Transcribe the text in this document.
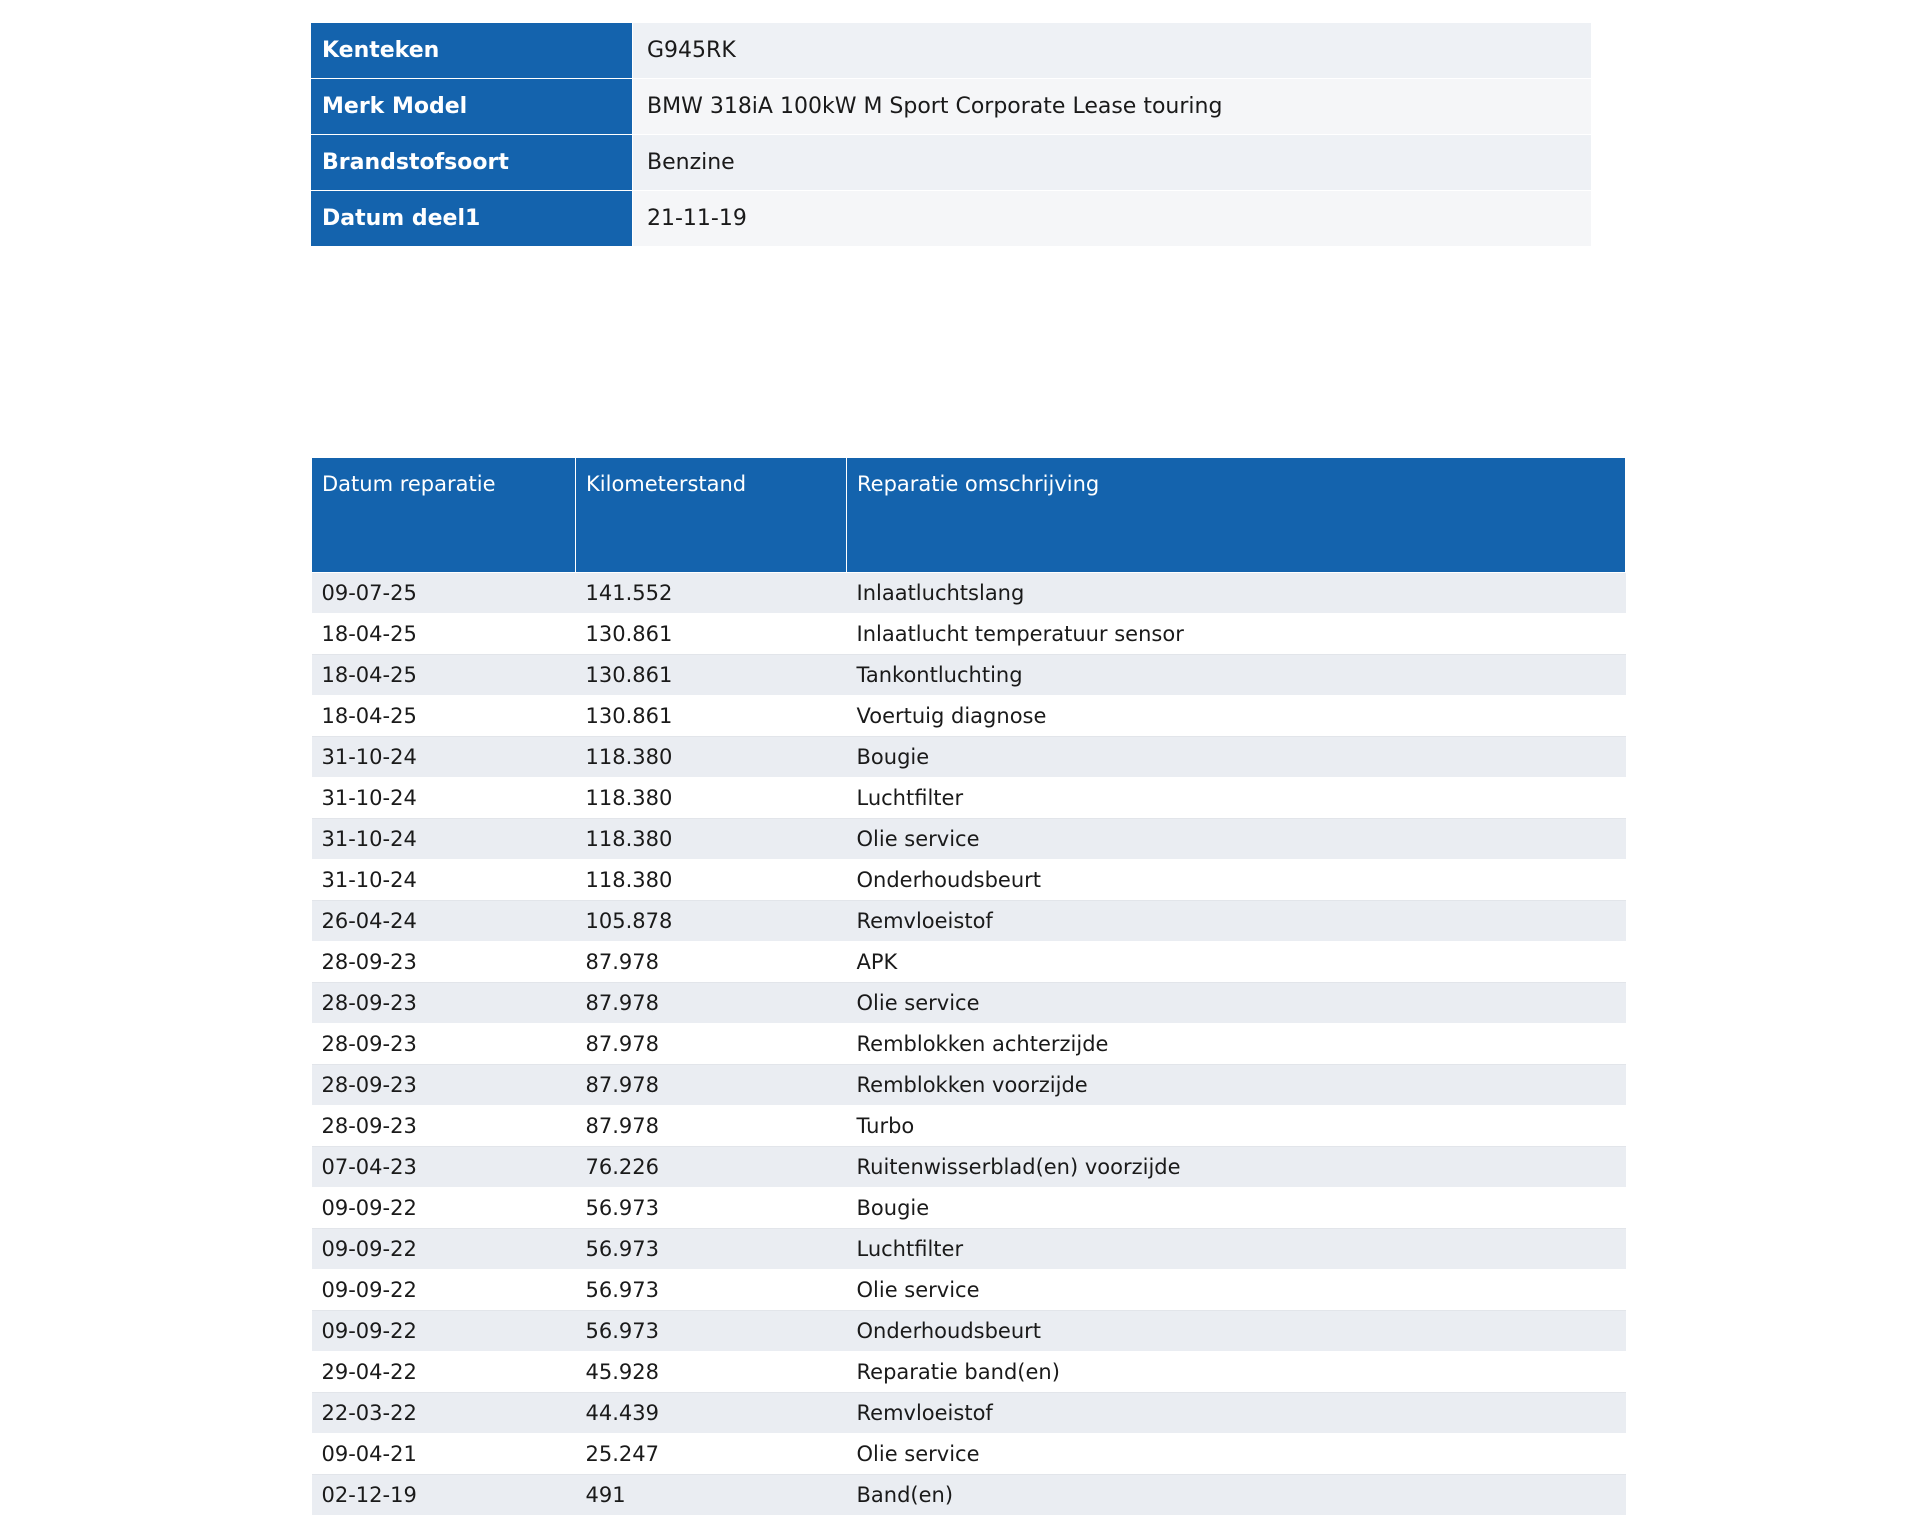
Kenteken	G945RK
Merk Model	BMW 318iA 100kW M Sport Corporate Lease touring
Brandstofsoort	Benzine
Datum deel1	21-11-19
Datum reparatie	Kilometerstand	Reparatie omschrijving
09-07-25	141.552	Inlaatluchtslang
18-04-25	130.861	Inlaatlucht temperatuur sensor
18-04-25	130.861	Tankontluchting
18-04-25	130.861	Voertuig diagnose
31-10-24	118.380	Bougie
31-10-24	118.380	Luchtfilter
31-10-24	118.380	Olie service
31-10-24	118.380	Onderhoudsbeurt
26-04-24	105.878	Remvloeistof
28-09-23	87.978	APK
28-09-23	87.978	Olie service
28-09-23	87.978	Remblokken achterzijde
28-09-23	87.978	Remblokken voorzijde
28-09-23	87.978	Turbo
07-04-23	76.226	Ruitenwisserblad(en) voorzijde
09-09-22	56.973	Bougie
09-09-22	56.973	Luchtfilter
09-09-22	56.973	Olie service
09-09-22	56.973	Onderhoudsbeurt
29-04-22	45.928	Reparatie band(en)
22-03-22	44.439	Remvloeistof
09-04-21	25.247	Olie service
02-12-19	491	Band(en)
